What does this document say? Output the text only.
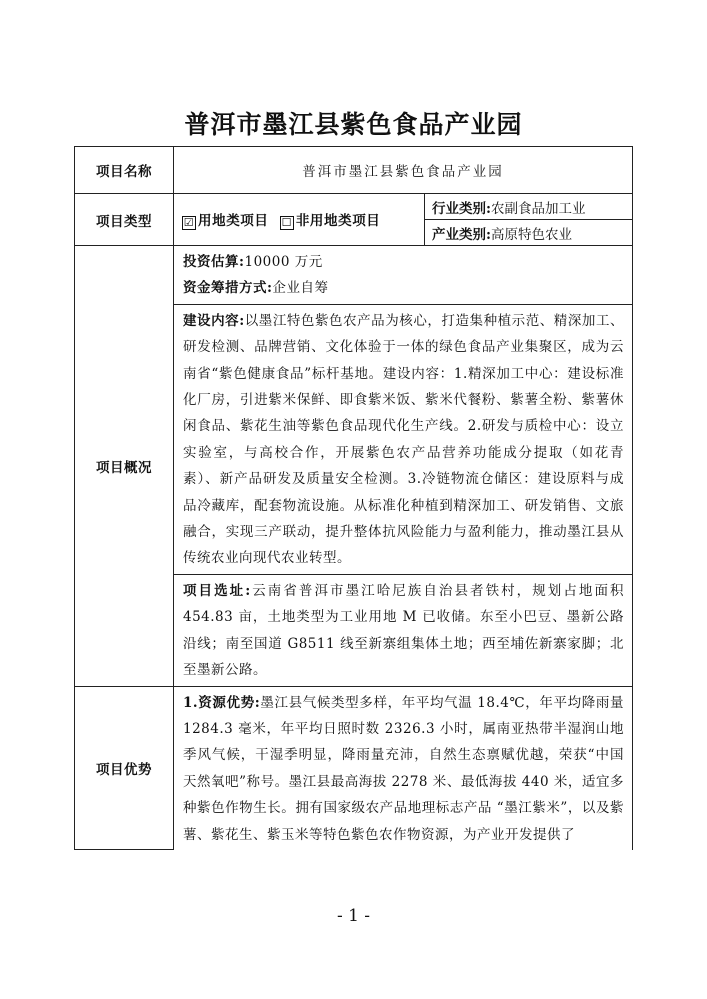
普洱市墨江县紫色食品产业园
项目名称	普洱市墨江县紫色食品产业园	
项目类型	☑ 用地类项目 ☐ 非用地类项目	行业类别:农副食品加工业
		产业类别:高原特色农业
项目概况	投资估算:10000 万元
资金筹措方式:企业自筹	

	建设内容:以墨江特色紫色农产品为核心，打造集种植示范、精深加工、研发检测、品牌营销、文化体验于一体的绿色食品产业集聚区，成为云南省“紫色健康食品”标杆基地。建设内容：1.精深加工中心：建设标准化厂房，引进紫米保鲜、即食紫米饭、紫米代餐粉、紫薯全粉、紫薯休闲食品、紫花生油等紫色食品现代化生产线。2.研发与质检中心：设立实验室，与高校合作，开展紫色农产品营养功能成分提取（如花青素）、新产品研发及质量安全检测。3.冷链物流仓储区：建设原料与成品冷藏库，配套物流设施。从标准化种植到精深加工、研发销售、文旅融合，实现三产联动，提升整体抗风险能力与盈利能力，推动墨江县从传统农业向现代农业转型。	
	项目选址:云南省普洱市墨江哈尼族自治县者铁村，规划占地面积 454.83 亩，土地类型为工业用地 M 已收储。东至小巴豆、墨新公路沿线；南至国道 G8511 线至新寨组集体土地；西至埔佐新寨家脚；北至墨新公路。	
项目优势	1.资源优势:墨江县气候类型多样，年平均气温 18.4℃，年平均降雨量 1284.3 毫米，年平均日照时数 2326.3 小时，属南亚热带半湿润山地季风气候，干湿季明显，降雨量充沛，自然生态禀赋优越，荣获“中国天然氧吧”称号。墨江县最高海拔 2278 米、最低海拔 440 米，适宜多种紫色作物生长。拥有国家级农产品地理标志产品 “墨江紫米”，以及紫薯、紫花生、紫玉米等特色紫色农作物资源，为产业开发提供了	
- 1 -
